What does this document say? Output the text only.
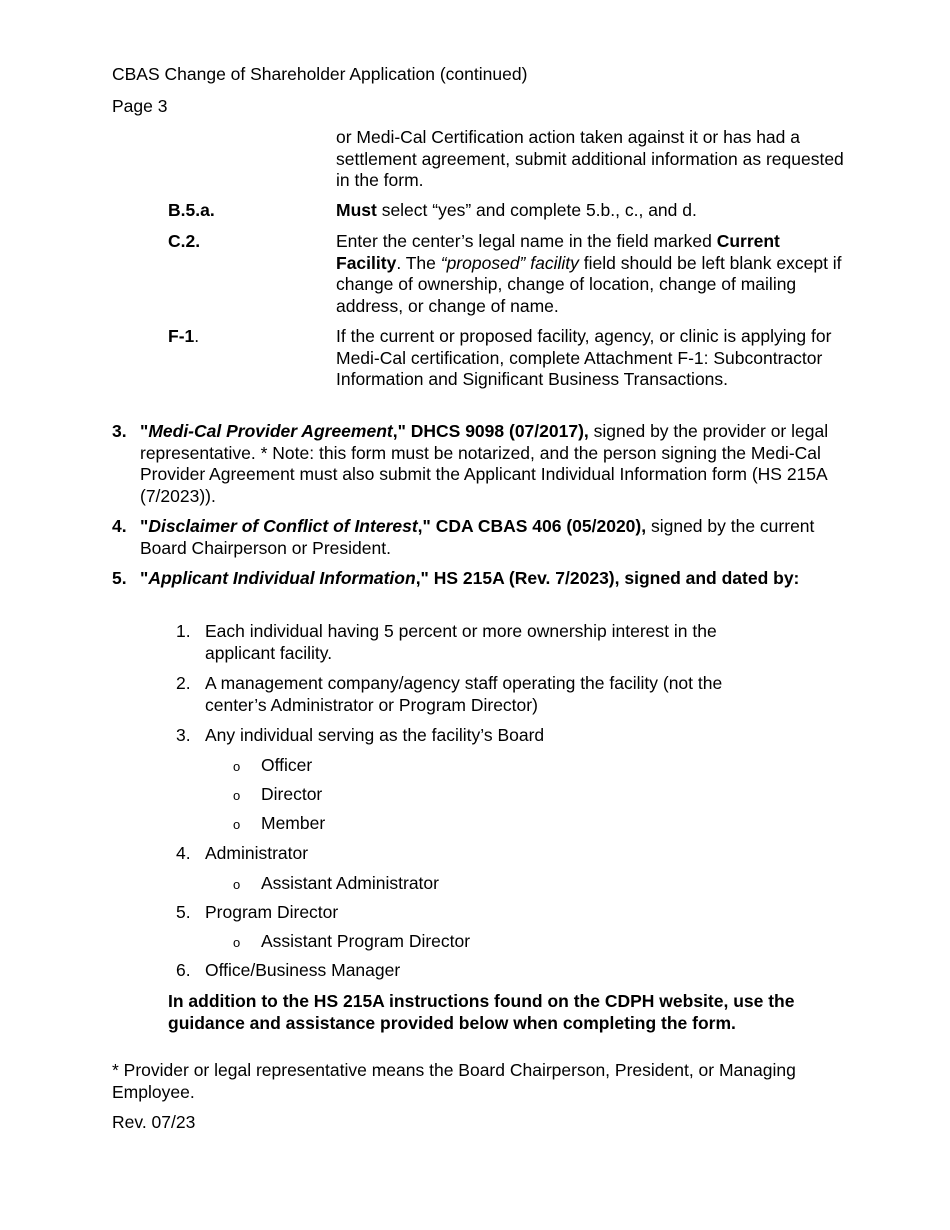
CBAS Change of Shareholder Application (continued)
Page 3
or Medi-Cal Certification action taken against it or has had a settlement agreement, submit additional information as requested in the form.
B.5.a.	Must select “yes” and complete 5.b., c., and d.
C.2.	Enter the center’s legal name in the field marked Current Facility. The “proposed” facility field should be left blank except if change of ownership, change of location, change of mailing address, or change of name.
F-1.	If the current or proposed facility, agency, or clinic is applying for Medi-Cal certification, complete Attachment F-1: Subcontractor Information and Significant Business Transactions.
3. "Medi-Cal Provider Agreement," DHCS 9098 (07/2017), signed by the provider or legal representative. * Note: this form must be notarized, and the person signing the Medi-Cal Provider Agreement must also submit the Applicant Individual Information form (HS 215A (7/2023)).
4. "Disclaimer of Conflict of Interest," CDA CBAS 406 (05/2020), signed by the current Board Chairperson or President.
5. "Applicant Individual Information," HS 215A (Rev. 7/2023), signed and dated by:
1. Each individual having 5 percent or more ownership interest in the applicant facility.
2. A management company/agency staff operating the facility (not the center’s Administrator or Program Director)
3. Any individual serving as the facility’s Board
o Officer
o Director
o Member
4. Administrator
o Assistant Administrator
5. Program Director
o Assistant Program Director
6. Office/Business Manager
In addition to the HS 215A instructions found on the CDPH website, use the guidance and assistance provided below when completing the form.
* Provider or legal representative means the Board Chairperson, President, or Managing Employee.
Rev. 07/23
